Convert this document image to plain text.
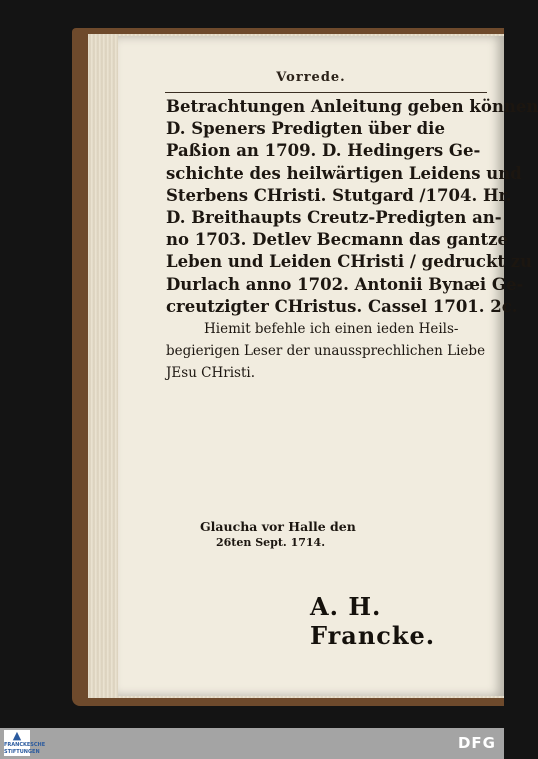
Vorrede.
Betrachtungen Anleitung geben können
D. Speners Predigten über die
Paßion an 1709. D. Hedingers Ge-
schichte des heilwärtigen Leidens und
Sterbens CHristi. Stutgard /1704. Hr.
D. Breithaupts Creutz-Predigten an-
no 1703. Detlev Becmann das gantze
Leben und Leiden CHristi / gedruckt zu
Durlach anno 1702. Antonii Bynæi Ge-
creutzigter CHristus. Cassel 1701. 2c.
Hiemit befehle ich einen ieden Heils-
begierigen Leser der unaussprechlichen Liebe
JEsu CHristi.
Glaucha vor Halle den
26ten Sept. 1714.
A. H. Francke.
▲
FRANCKESCHE STIFTUNGEN	DFG
